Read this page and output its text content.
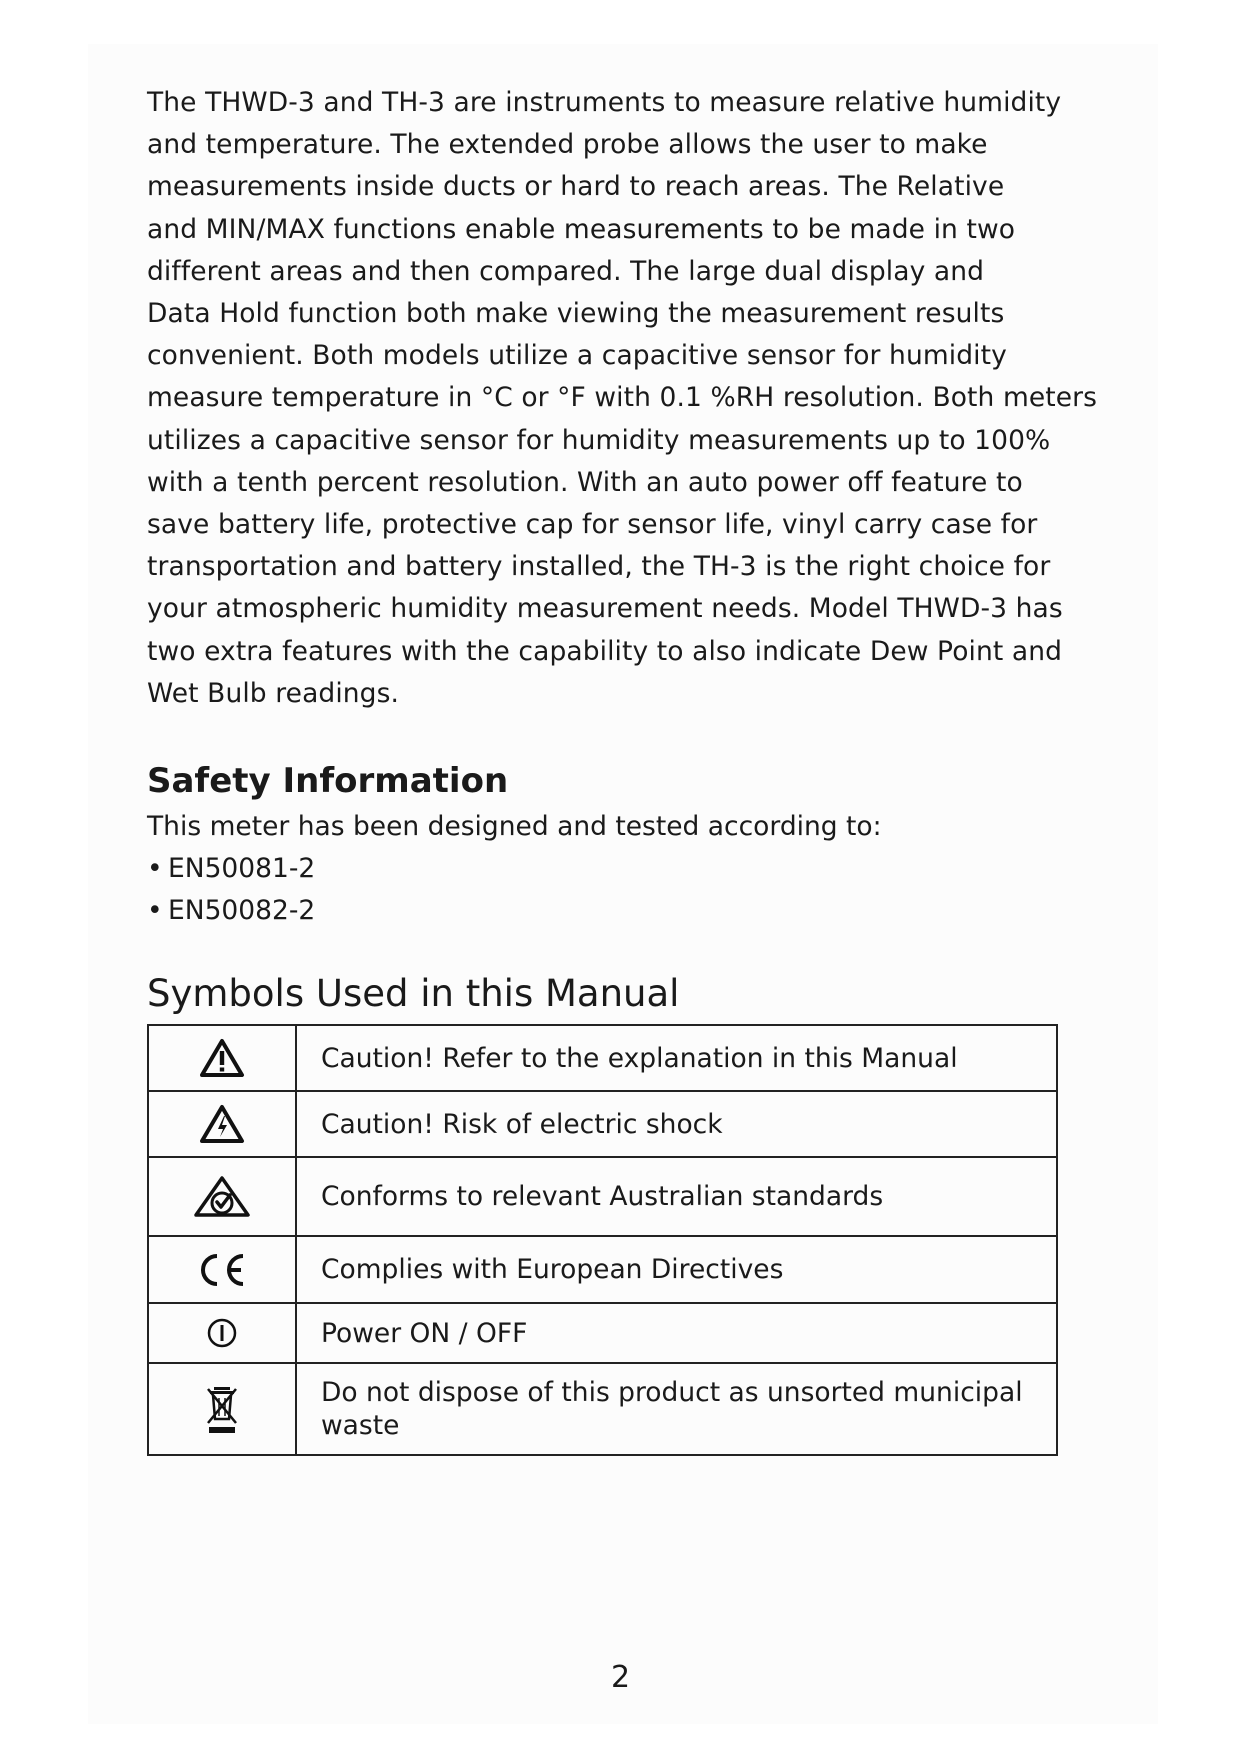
The THWD-3 and TH-3 are instruments to measure relative humidity
and temperature. The extended probe allows the user to make
measurements inside ducts or hard to reach areas. The Relative
and MIN/MAX functions enable measurements to be made in two
different areas and then compared. The large dual display and
Data Hold function both make viewing the measurement results
convenient. Both models utilize a capacitive sensor for humidity
measure temperature in °C or °F with 0.1 %RH resolution. Both meters
utilizes a capacitive sensor for humidity measurements up to 100%
with a tenth percent resolution. With an auto power off feature to
save battery life, protective cap for sensor life, vinyl carry case for
transportation and battery installed, the TH-3 is the right choice for
your atmospheric humidity measurement needs. Model THWD-3 has
two extra features with the capability to also indicate Dew Point and
Wet Bulb readings.

Safety Information

This meter has been designed and tested according to:

• EN50081-2
• EN50082-2
Symbols Used in this Manual
	Caution! Refer to the explanation in this Manual

	Caution! Risk of electric shock

	Conforms to relevant Australian standards

	Complies with European Directives

	Power ON / OFF

	Do not dispose of this product as unsorted municipal waste
2
